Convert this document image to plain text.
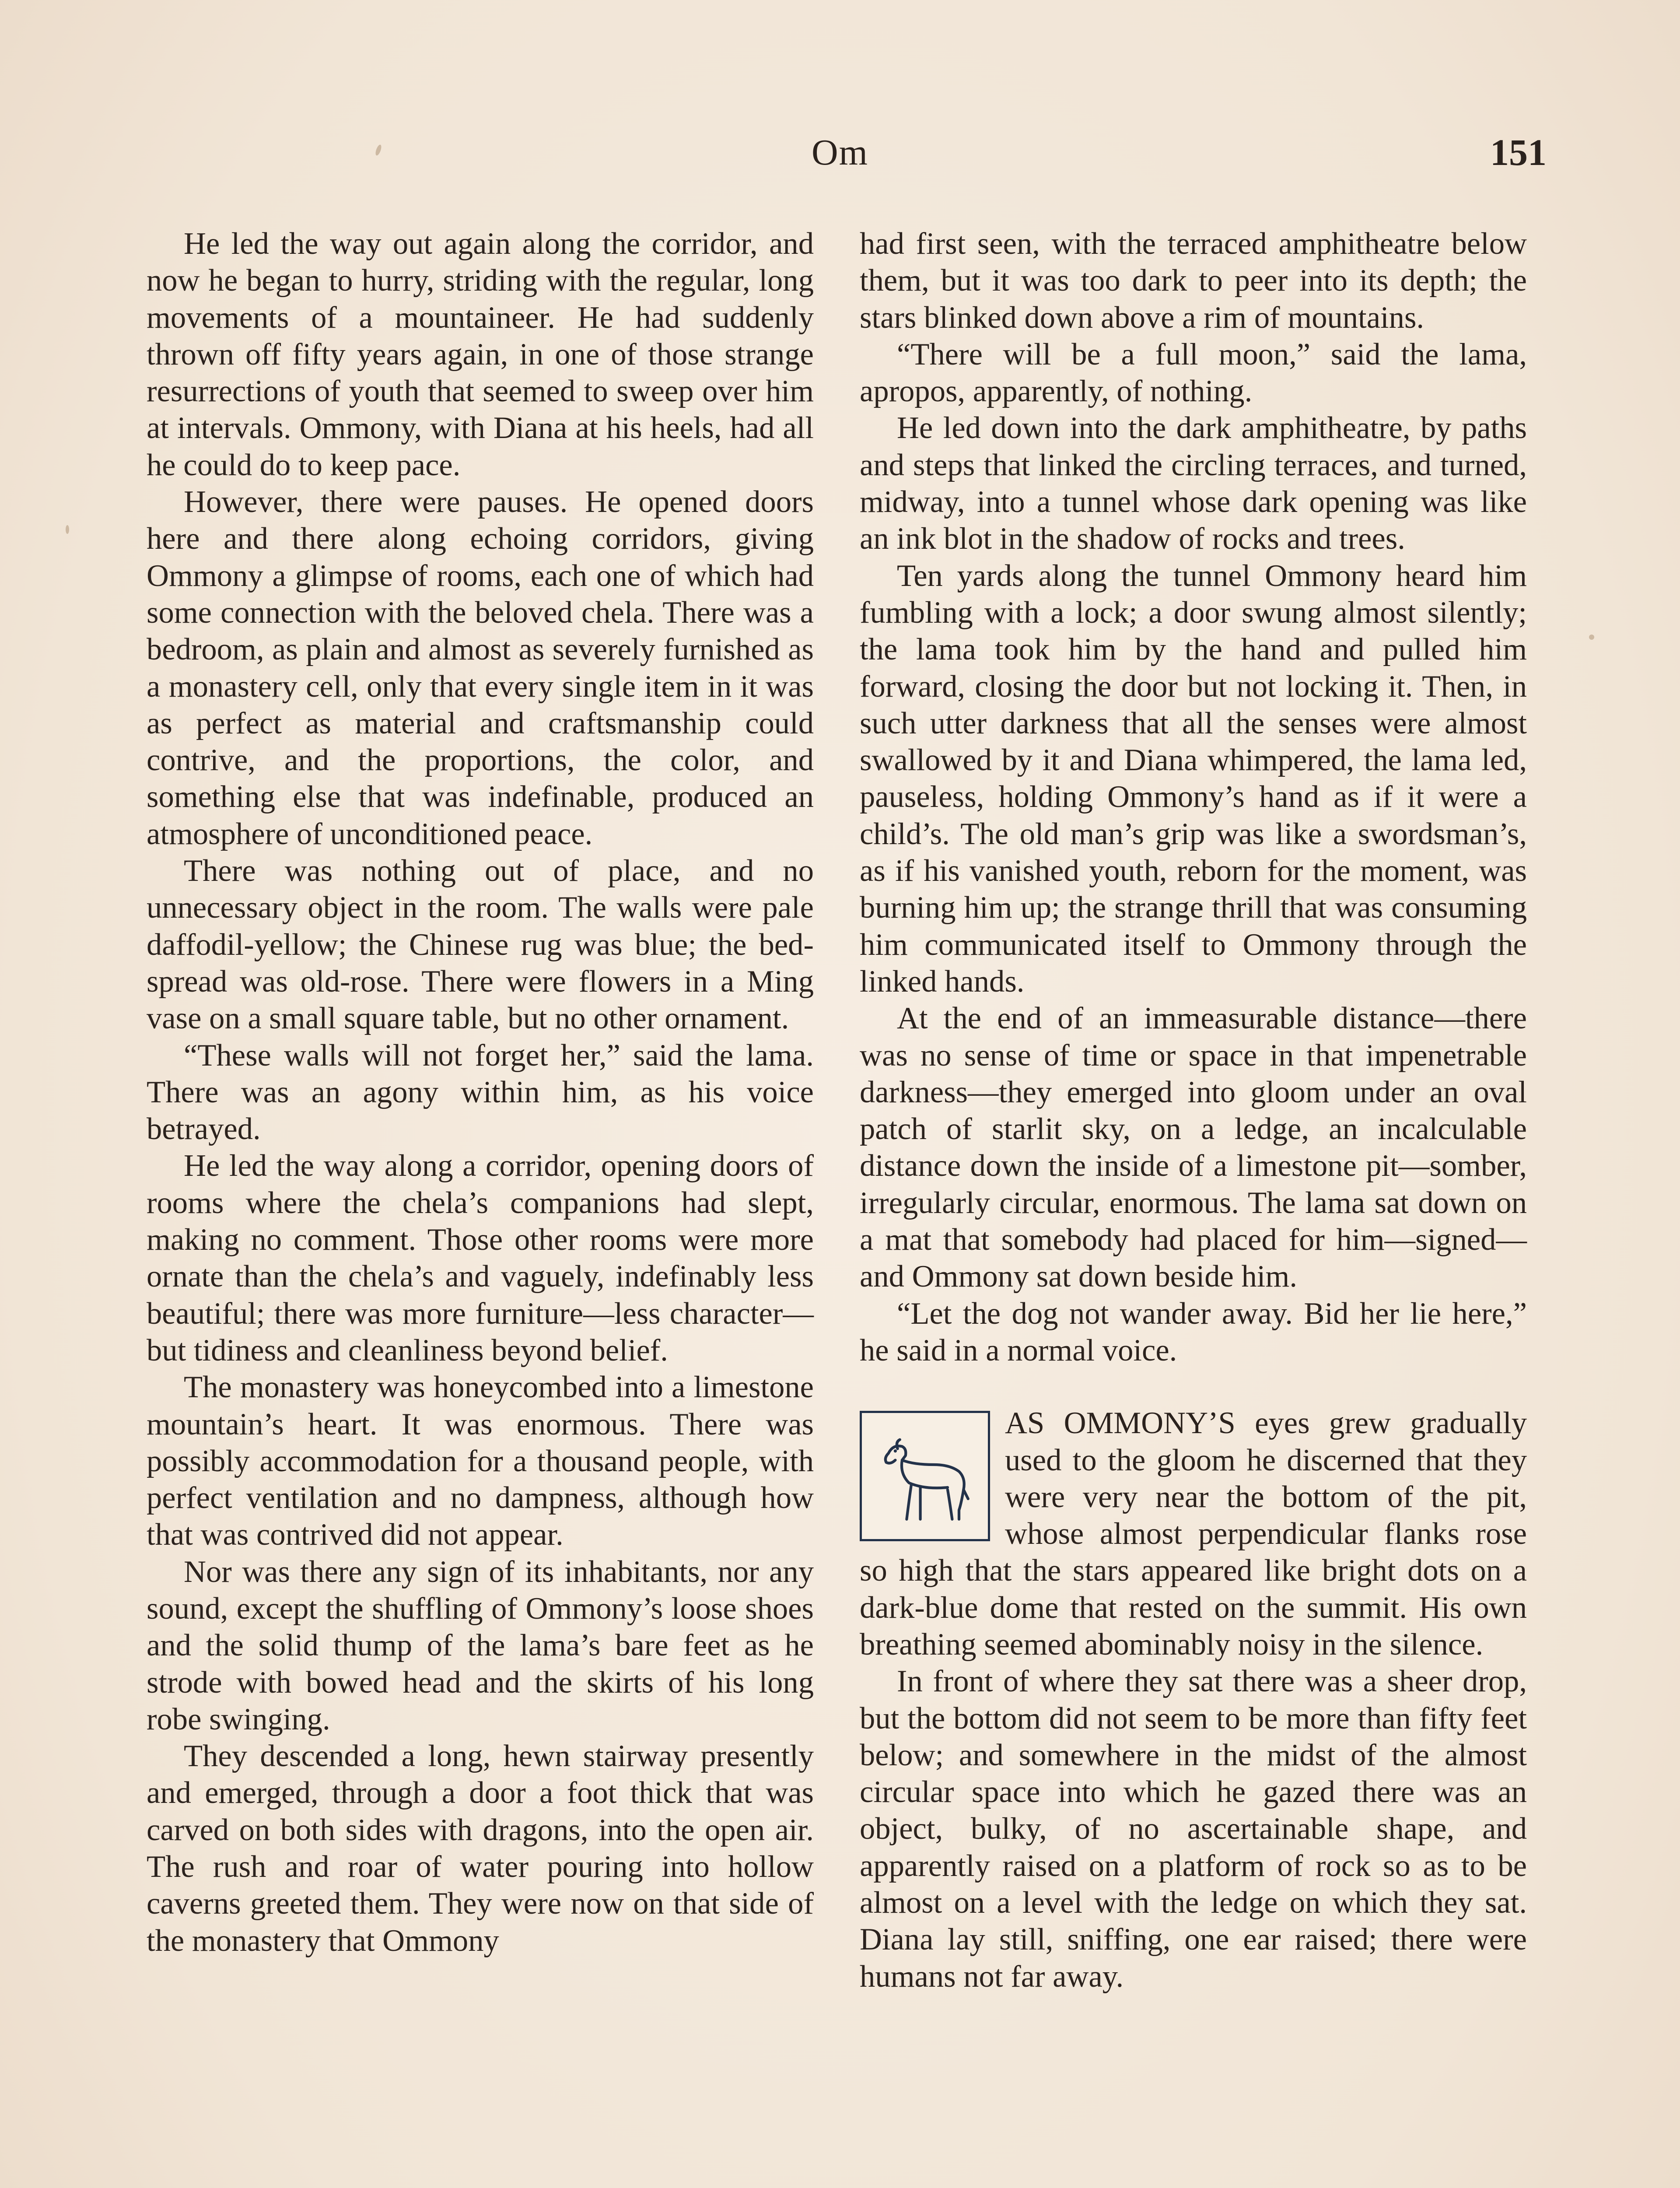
Om	151

He led the way out again along the corridor, and now he began to hurry, striding with the regular, long movements of a mountaineer. He had suddenly thrown off fifty years again, in one of those strange resurrections of youth that seemed to sweep over him at intervals. Ommony, with Diana at his heels, had all he could do to keep pace.

However, there were pauses. He opened doors here and there along echoing corridors, giving Ommony a glimpse of rooms, each one of which had some connection with the beloved chela. There was a bedroom, as plain and almost as severely furnished as a monastery cell, only that every single item in it was as perfect as material and craftsmanship could contrive, and the proportions, the color, and something else that was indefinable, produced an atmosphere of unconditioned peace.

There was nothing out of place, and no unnecessary object in the room. The walls were pale daffodil-yellow; the Chinese rug was blue; the bed-spread was old-rose. There were flowers in a Ming vase on a small square table, but no other ornament.

“These walls will not forget her,” said the lama. There was an agony within him, as his voice betrayed.

He led the way along a corridor, opening doors of rooms where the chela’s companions had slept, making no comment. Those other rooms were more ornate than the chela’s and vaguely, indefinably less beautiful; there was more furniture—less character—but tidiness and cleanliness beyond belief.

The monastery was honeycombed into a limestone mountain’s heart. It was enormous. There was possibly accommodation for a thousand people, with perfect ventilation and no dampness, although how that was contrived did not appear.

Nor was there any sign of its inhabitants, nor any sound, except the shuffling of Ommony’s loose shoes and the solid thump of the lama’s bare feet as he strode with bowed head and the skirts of his long robe swinging.

They descended a long, hewn stairway presently and emerged, through a door a foot thick that was carved on both sides with dragons, into the open air. The rush and roar of water pouring into hollow caverns greeted them. They were now on that side of the monastery that Ommony

had first seen, with the terraced amphitheatre below them, but it was too dark to peer into its depth; the stars blinked down above a rim of mountains.

“There will be a full moon,” said the lama, apropos, apparently, of nothing.

He led down into the dark amphitheatre, by paths and steps that linked the circling terraces, and turned, midway, into a tunnel whose dark opening was like an ink blot in the shadow of rocks and trees.

Ten yards along the tunnel Ommony heard him fumbling with a lock; a door swung almost silently; the lama took him by the hand and pulled him forward, closing the door but not locking it. Then, in such utter darkness that all the senses were almost swallowed by it and Diana whimpered, the lama led, pauseless, holding Ommony’s hand as if it were a child’s. The old man’s grip was like a swordsman’s, as if his vanished youth, reborn for the moment, was burning him up; the strange thrill that was consuming him communicated itself to Ommony through the linked hands.

At the end of an immeasurable distance—there was no sense of time or space in that impenetrable darkness—they emerged into gloom under an oval patch of starlit sky, on a ledge, an incalculable distance down the inside of a limestone pit—somber, irregularly circular, enormous. The lama sat down on a mat that somebody had placed for him—signed—and Ommony sat down beside him.

“Let the dog not wander away. Bid her lie here,” he said in a normal voice.

AS OMMONY’S eyes grew gradually used to the gloom he discerned that they were very near the bottom of the pit, whose almost perpendicular flanks rose so high that the stars appeared like bright dots on a dark-blue dome that rested on the summit. His own breathing seemed abominably noisy in the silence.

In front of where they sat there was a sheer drop, but the bottom did not seem to be more than fifty feet below; and somewhere in the midst of the almost circular space into which he gazed there was an object, bulky, of no ascertainable shape, and apparently raised on a platform of rock so as to be almost on a level with the ledge on which they sat. Diana lay still, sniffing, one ear raised; there were humans not far away.
